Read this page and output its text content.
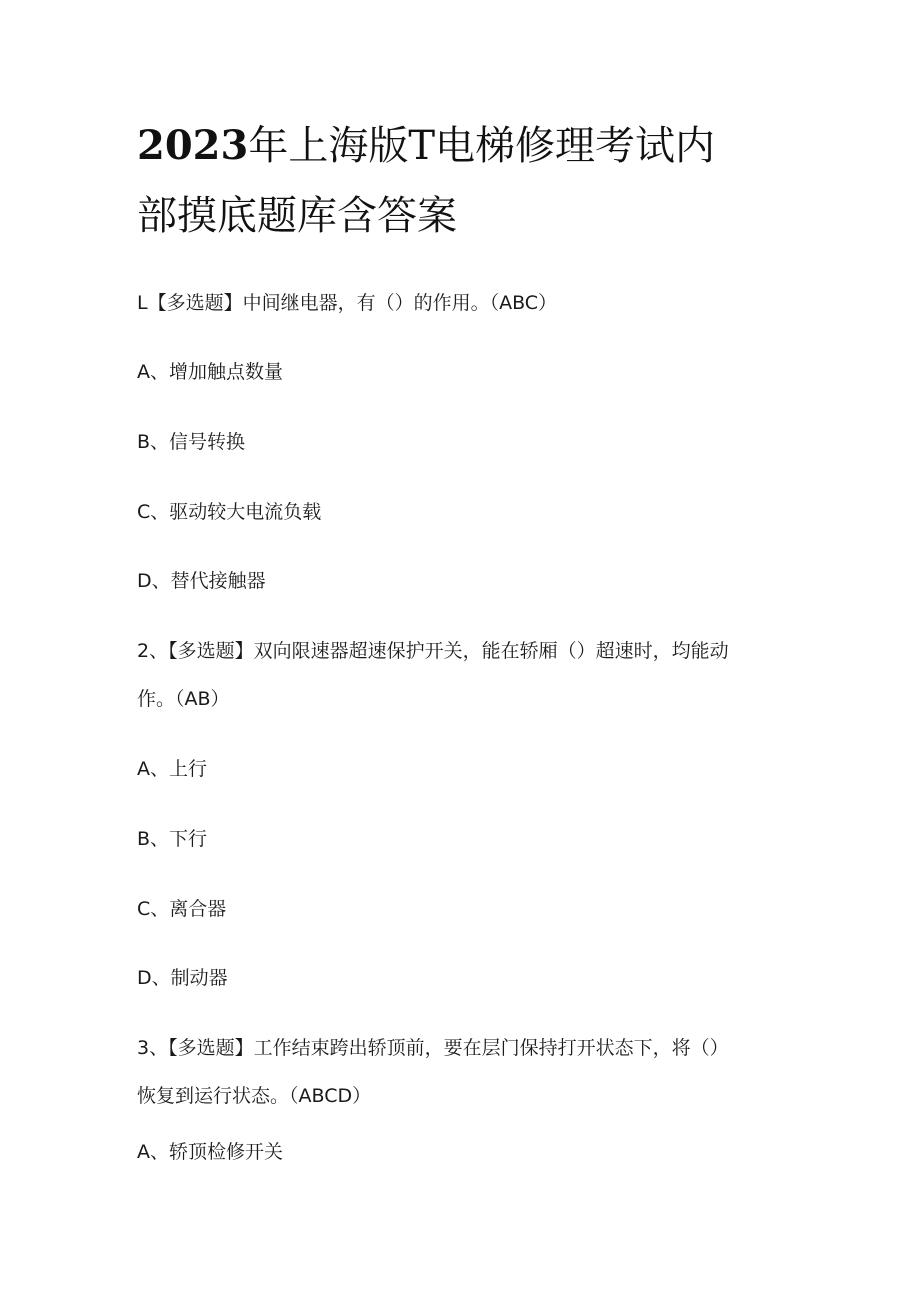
2023年上海版T电梯修理考试内
部摸底题库含答案
L【多选题】中间继电器，有（）的作用。（ABC）
A、增加触点数量
B、信号转换
C、驱动较大电流负载
D、替代接触器
2、【多选题】双向限速器超速保护开关，能在轿厢（）超速时，均能动
作。（AB）
A、上行
B、下行
C、离合器
D、制动器
3、【多选题】工作结束跨出轿顶前，要在层门保持打开状态下，将（）
恢复到运行状态。（ABCD）
A、轿顶检修开关
